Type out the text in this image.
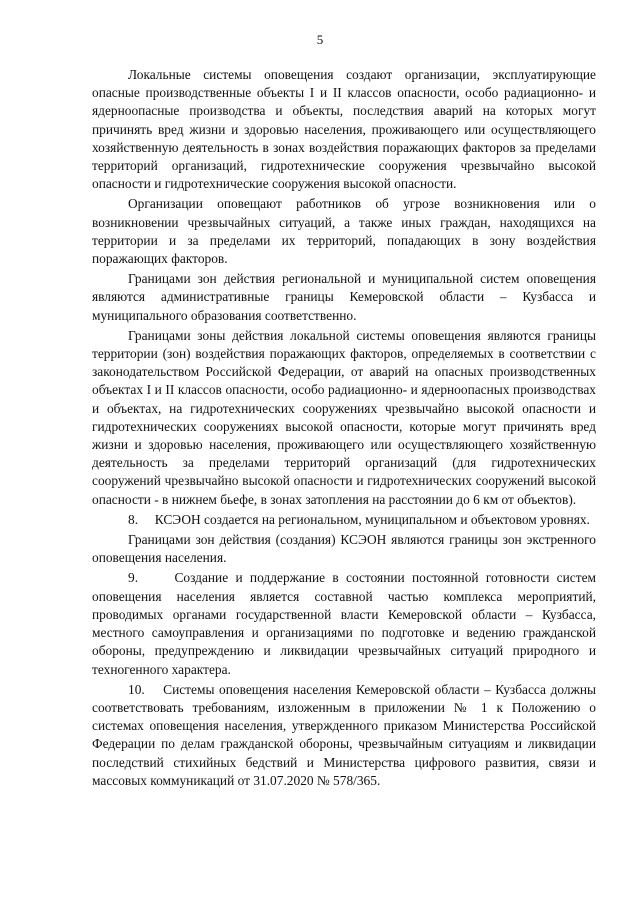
5

Локальные системы оповещения создают организации, эксплуатирующие опасные производственные объекты I и II классов опасности, особо радиационно- и ядерноопасные производства и объекты, последствия аварий на которых могут причинять вред жизни и здоровью населения, проживающего или осуществляющего хозяйственную деятельность в зонах воздействия поражающих факторов за пределами территорий организаций, гидротехнические сооружения чрезвычайно высокой опасности и гидротехнические сооружения высокой опасности.

Организации оповещают работников об угрозе возникновения или о возникновении чрезвычайных ситуаций, а также иных граждан, находящихся на территории и за пределами их территорий, попадающих в зону воздействия поражающих факторов.

Границами зон действия региональной и муниципальной систем оповещения являются административные границы Кемеровской области – Кузбасса и муниципального образования соответственно.

Границами зоны действия локальной системы оповещения являются границы территории (зон) воздействия поражающих факторов, определяемых в соответствии с законодательством Российской Федерации, от аварий на опасных производственных объектах I и II классов опасности, особо радиационно- и ядерноопасных производствах и объектах, на гидротехнических сооружениях чрезвычайно высокой опасности и гидротехнических сооружениях высокой опасности, которые могут причинять вред жизни и здоровью населения, проживающего или осуществляющего хозяйственную деятельность за пределами территорий организаций (для гидротехнических сооружений чрезвычайно высокой опасности и гидротехнических сооружений высокой опасности - в нижнем бьефе, в зонах затопления на расстоянии до 6 км от объектов).

8.     КСЭОН создается на региональном, муниципальном и объектовом уровнях.

Границами зон действия (создания) КСЭОН являются границы зон экстренного оповещения населения.

9.     Создание и поддержание в состоянии постоянной готовности систем оповещения населения является составной частью комплекса мероприятий, проводимых органами государственной власти Кемеровской области – Кузбасса, местного самоуправления и организациями по подготовке и ведению гражданской обороны, предупреждению и ликвидации чрезвычайных ситуаций природного и техногенного характера.

10.    Системы оповещения населения Кемеровской области – Кузбасса должны соответствовать требованиям, изложенным в приложении № 1 к Положению о системах оповещения населения, утвержденного приказом Министерства Российской Федерации по делам гражданской обороны, чрезвычайным ситуациям и ликвидации последствий стихийных бедствий и Министерства цифрового развития, связи и массовых коммуникаций от 31.07.2020 № 578/365.
